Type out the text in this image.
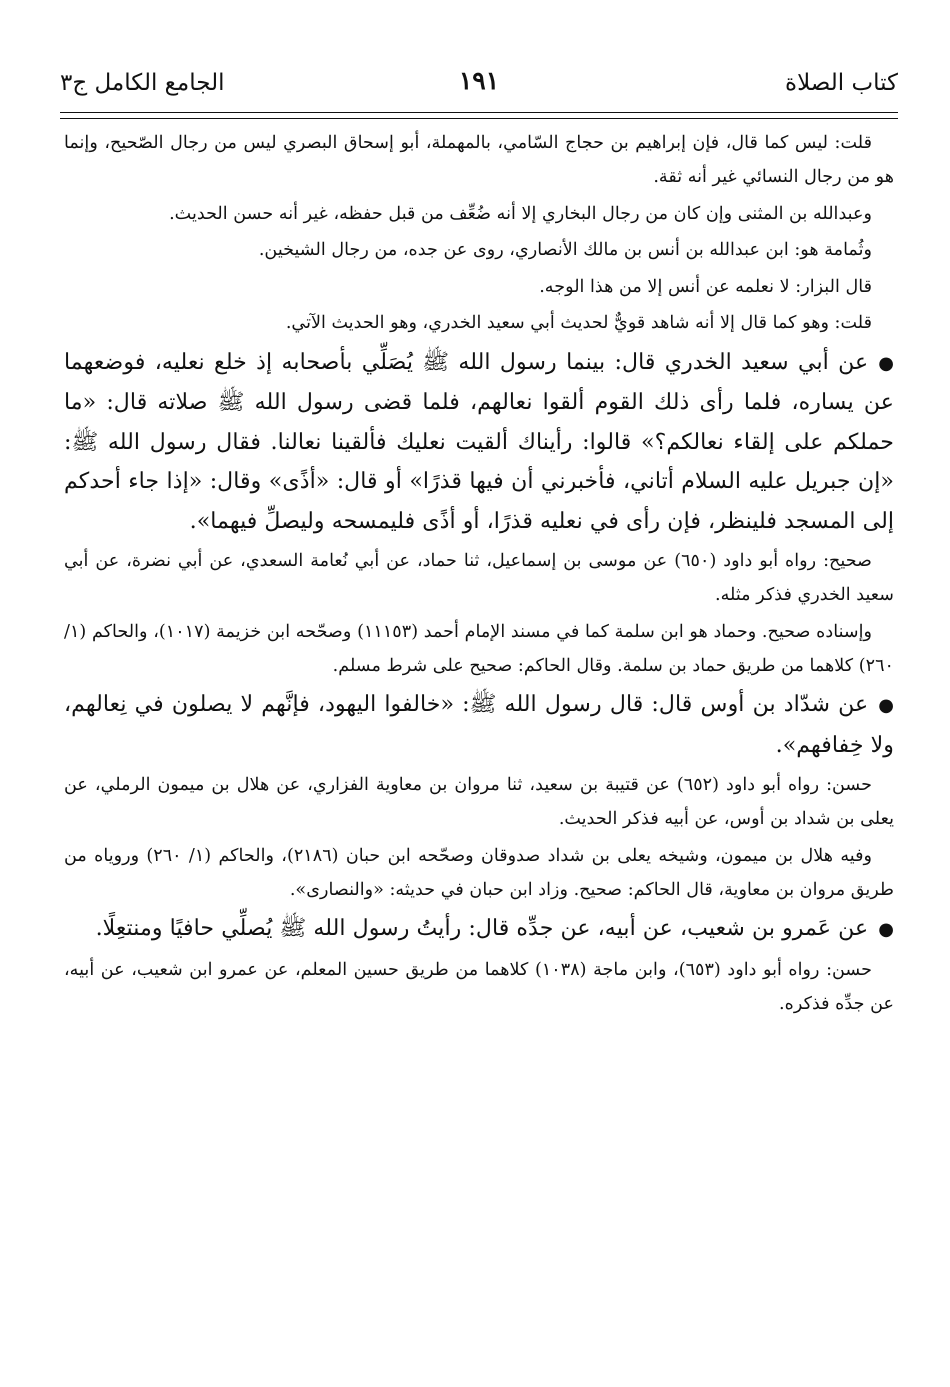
كتاب الصلاة
١٩١
الجامع الكامل ج٣

قلت: ليس كما قال، فإن إبراهيم بن حجاج السّامي، بالمهملة، أبو إسحاق البصري ليس من رجال الصّحيح، وإنما هو من رجال النسائي غير أنه ثقة.

وعبدالله بن المثنى وإن كان من رجال البخاري إلا أنه ضُعِّف من قبل حفظه، غير أنه حسن الحديث.

وثُمامة هو: ابن عبدالله بن أنس بن مالك الأنصاري، روى عن جده، من رجال الشيخين.

قال البزار: لا نعلمه عن أنس إلا من هذا الوجه.

قلت: وهو كما قال إلا أنه شاهد قويٌّ لحديث أبي سعيد الخدري، وهو الحديث الآتي.

●عن أبي سعيد الخدري قال: بينما رسول الله ﷺ يُصَلِّي بأصحابه إذ خلع نعليه، فوضعهما عن يساره، فلما رأى ذلك القوم ألقوا نعالهم، فلما قضى رسول الله ﷺ صلاته قال: «ما حملكم على إلقاء نعالكم؟» قالوا: رأيناك ألقيت نعليك فألقينا نعالنا. فقال رسول الله ﷺ: «إن جبريل عليه السلام أتاني، فأخبرني أن فيها قذرًا» أو قال: «أذًى» وقال: «إذا جاء أحدكم إلى المسجد فلينظر، فإن رأى في نعليه قذرًا، أو أذًى فليمسحه وليصلِّ فيهما».

صحيح: رواه أبو داود (٦٥٠) عن موسى بن إسماعيل، ثنا حماد، عن أبي نُعامة السعدي، عن أبي نضرة، عن أبي سعيد الخدري فذكر مثله.

وإسناده صحيح. وحماد هو ابن سلمة كما في مسند الإمام أحمد (١١١٥٣) وصحّحه ابن خزيمة (١٠١٧)، والحاكم (١/ ٢٦٠) كلاهما من طريق حماد بن سلمة. وقال الحاكم: صحيح على شرط مسلم.

●عن شدّاد بن أوس قال: قال رسول الله ﷺ: «خالفوا اليهود، فإنَّهم لا يصلون في نِعالهم، ولا خِفافهم».

حسن: رواه أبو داود (٦٥٢) عن قتيبة بن سعيد، ثنا مروان بن معاوية الفزاري، عن هلال بن ميمون الرملي، عن يعلى بن شداد بن أوس، عن أبيه فذكر الحديث.

وفيه هلال بن ميمون، وشيخه يعلى بن شداد صدوقان وصحّحه ابن حبان (٢١٨٦)، والحاكم (١/ ٢٦٠) وروياه من طريق مروان بن معاوية، قال الحاكم: صحيح. وزاد ابن حبان في حديثه: «والنصارى».

●عن عَمرو بن شعيب، عن أبيه، عن جدِّه قال: رأيتُ رسول الله ﷺ يُصلِّي حافيًا ومنتعِلًا.

حسن: رواه أبو داود (٦٥٣)، وابن ماجة (١٠٣٨) كلاهما من طريق حسين المعلم، عن عمرو ابن شعيب، عن أبيه، عن جدِّه فذكره.
